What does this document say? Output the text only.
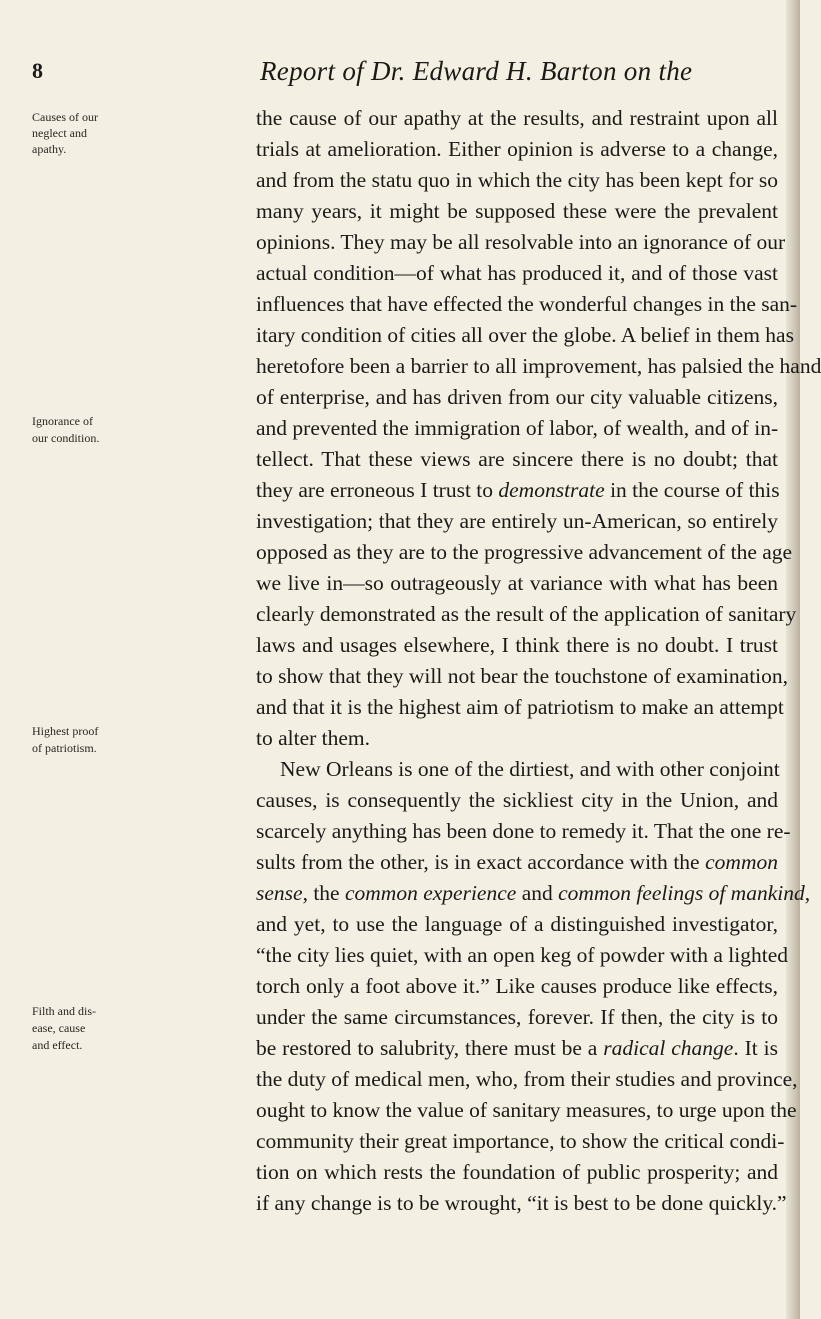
8	Report of Dr. Edward H. Barton on the
Causes of our
neglect and
apathy.
Ignorance of
our condition.
Highest proof
of patriotism.
Filth and dis-
ease, cause
and effect.
the cause of our apathy at the results, and restraint upon all
trials at amelioration. Either opinion is adverse to a change,
and from the statu quo in which the city has been kept for so
many years, it might be supposed these were the prevalent
opinions. They may be all resolvable into an ignorance of our
actual condition—of what has produced it, and of those vast
influences that have effected the wonderful changes in the san-
itary condition of cities all over the globe. A belief in them has
heretofore been a barrier to all improvement, has palsied the hand
of enterprise, and has driven from our city valuable citizens,
and prevented the immigration of labor, of wealth, and of in-
tellect. That these views are sincere there is no doubt; that
they are erroneous I trust to demonstrate in the course of this
investigation; that they are entirely un-American, so entirely
opposed as they are to the progressive advancement of the age
we live in—so outrageously at variance with what has been
clearly demonstrated as the result of the application of sanitary
laws and usages elsewhere, I think there is no doubt. I trust
to show that they will not bear the touchstone of examination,
and that it is the highest aim of patriotism to make an attempt
to alter them.
New Orleans is one of the dirtiest, and with other conjoint
causes, is consequently the sickliest city in the Union, and
scarcely anything has been done to remedy it. That the one re-
sults from the other, is in exact accordance with the common
sense, the common experience and common feelings of mankind,
and yet, to use the language of a distinguished investigator,
“the city lies quiet, with an open keg of powder with a lighted
torch only a foot above it.” Like causes produce like effects,
under the same circumstances, forever. If then, the city is to
be restored to salubrity, there must be a radical change. It is
the duty of medical men, who, from their studies and province,
ought to know the value of sanitary measures, to urge upon the
community their great importance, to show the critical condi-
tion on which rests the foundation of public prosperity; and
if any change is to be wrought, “it is best to be done quickly.”
